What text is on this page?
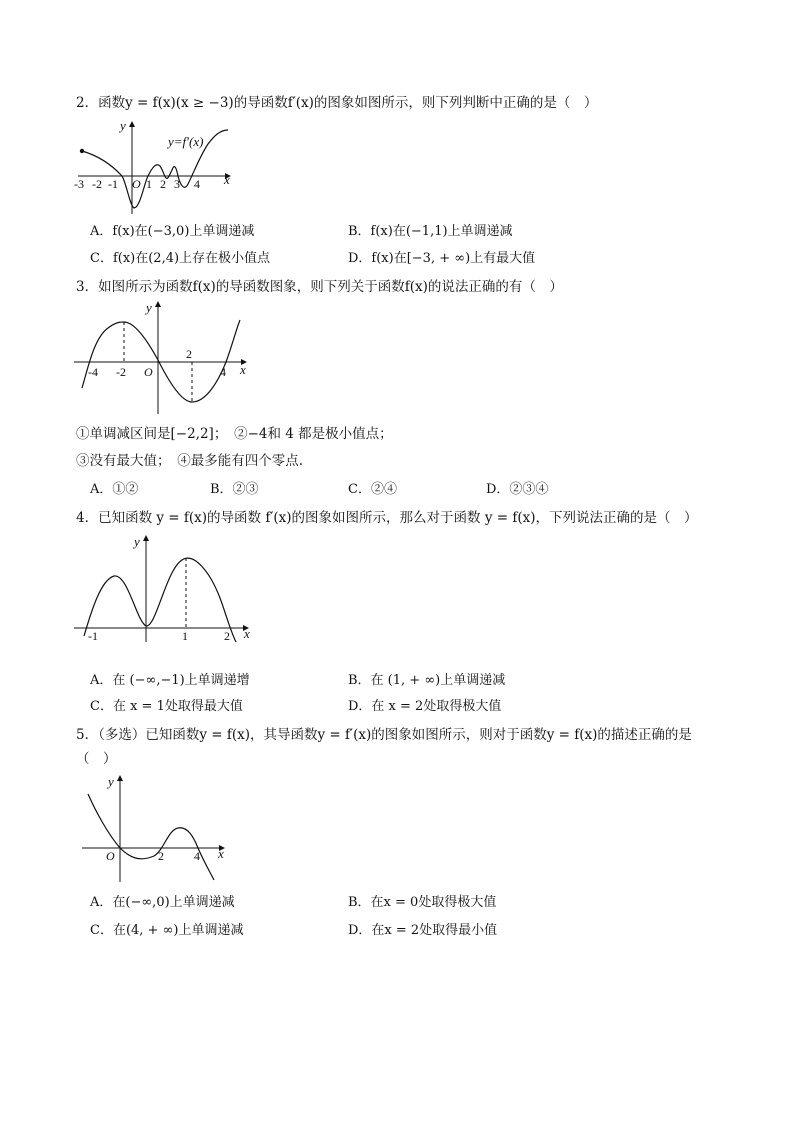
2．函数y = f(x)(x ≥ −3)的导函数f′(x)的图象如图所示，则下列判断中正确的是（　）
y
x
y=f′(x)
-3 -2 -1 O 1 2 3 4
A．f(x)在(−3,0)上单调递减	B．f(x)在(−1,1)上单调递减
C．f(x)在(2,4)上存在极小值点	D．f(x)在[−3, + ∞)上有最大值
3．如图所示为函数f(x)的导函数图象，则下列关于函数f(x)的说法正确的有（　）
y
x
-4 -2 O
2
4
①单调减区间是[−2,2]；　②−4和 4 都是极小值点；
③没有最大值；　④最多能有四个零点.
A．①②	B．②③	C．②④	D．②③④
4．已知函数 y = f(x)的导函数 f′(x)的图象如图所示，那么对于函数 y = f(x)，下列说法正确的是（　）
y
x
-1	1	2
A．在 (−∞,−1)上单调递增	B．在 (1, + ∞)上单调递减
C．在 x = 1处取得最大值	D．在 x = 2处取得极大值
5．（多选）已知函数y = f(x)，其导函数y = f′(x)的图象如图所示，则对于函数y = f(x)的描述正确的是
（　）
y
x
O	2	4
A．在(−∞,0)上单调递减	B．在x = 0处取得极大值
C．在(4, + ∞)上单调递减	D．在x = 2处取得最小值
